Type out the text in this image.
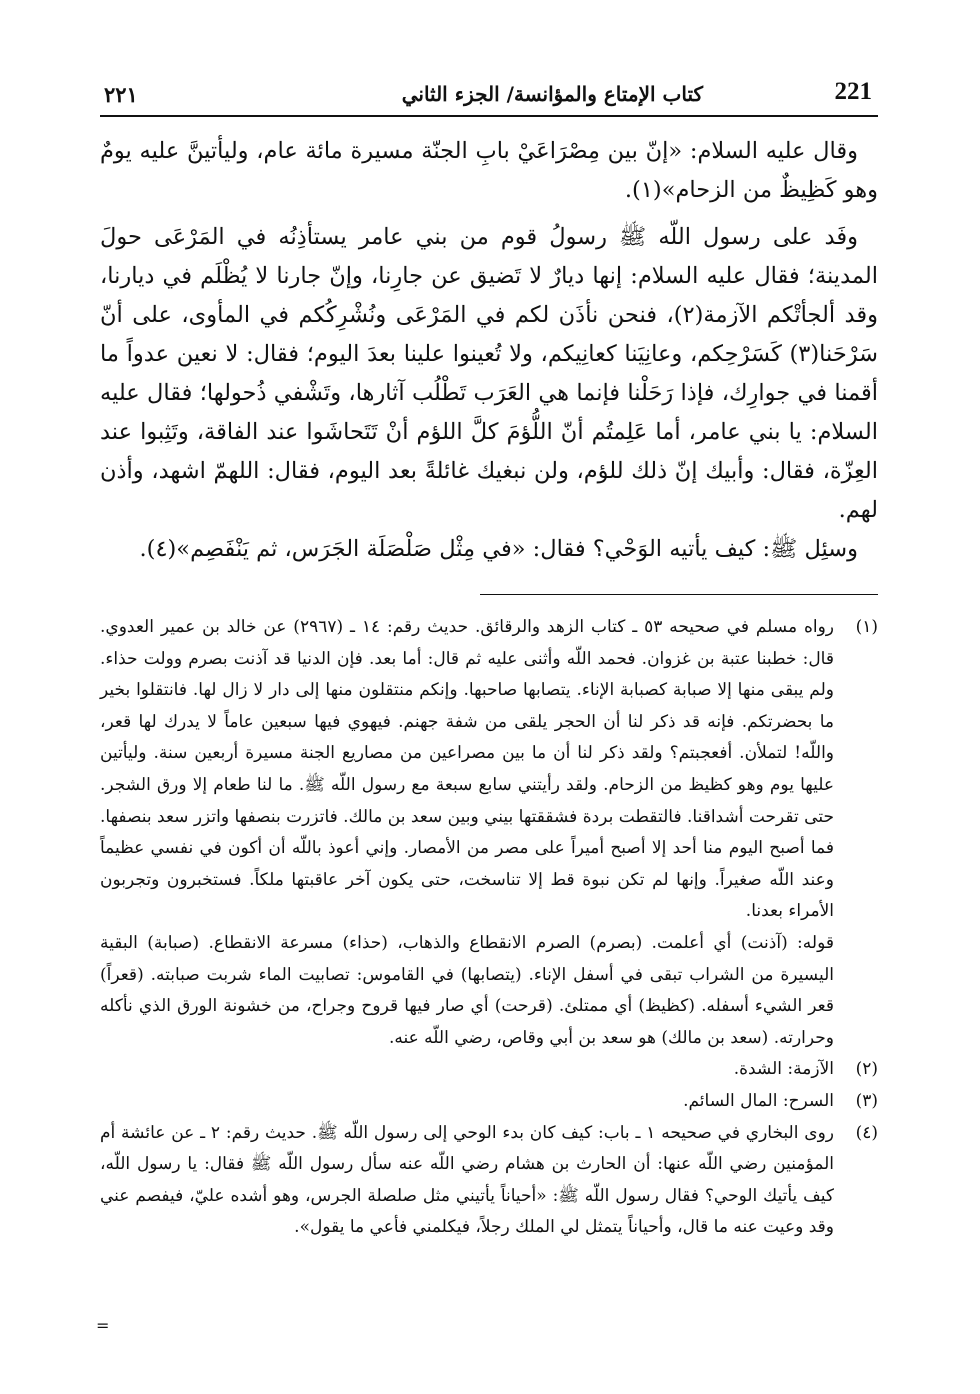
221
كتاب الإمتاع والمؤانسة/ الجزء الثاني
٢٢١

وقال عليه السلام: «إنّ بين مِصْرَاعَيْ بابِ الجنّة مسيرة مائة عام، وليأتينَّ عليه يومٌ وهو كَظِيظٌ من الزحام»(١).

وفَد على رسول اللّه ﷺ رسولُ قوم من بني عامر يستأذِنُه في المَرْعَى حولَ المدينة؛ فقال عليه السلام: إنها ديارٌ لا تَضيق عن جارِنا، وإنّ جارنا لا يُظْلَم في ديارنا، وقد ألجأتْكم الآزمة(٢)، فنحن نأذَن لكم في المَرْعَى ونُشْرِكُكم في المأوى، على أنّ سَرْحَنا(٣) كَسَرْحِكم، وعانِيَنا كعانِيكم، ولا تُعينوا علينا بعدَ اليوم؛ فقال: لا نعين عدواً ما أقمنا في جوارِك، فإذا رَحَلْنا فإنما هي العَرَب تَطْلُب آثارها، وتَشْفي ذُحولها؛ فقال عليه السلام: يا بني عامر، أما عَلِمتُم أنّ اللُّؤمَ كلَّ اللؤم أنْ تَتَحاشَوا عند الفاقة، وتَثِبوا عند العِزّة، فقال: وأبيك إنّ ذلك للؤم، ولن نبغيك غائلةً بعد اليوم، فقال: اللهمّ اشهد، وأذن لهم.

وسئِل ﷺ: كيف يأتيه الوَحْي؟ فقال: «في مِثْل صَلْصَلَة الجَرَس، ثم يَنْفَصِم»(٤).

(١)

رواه مسلم في صحيحه ٥٣ ـ كتاب الزهد والرقائق. حديث رقم: ١٤ ـ (٢٩٦٧) عن خالد بن عمير العدوي. قال: خطبنا عتبة بن غزوان. فحمد اللّه وأثنى عليه ثم قال: أما بعد. فإن الدنيا قد آذنت بصرم وولت حذاء. ولم يبقى منها إلا صبابة كصبابة الإناء. يتصابها صاحبها. وإنكم منتقلون منها إلى دار لا زال لها. فانتقلوا بخير ما بحضرتكم. فإنه قد ذكر لنا أن الحجر يلقى من شفة جهنم. فيهوي فيها سبعين عاماً لا يدرك لها قعر، واللّه! لتملأن. أفعجبتم؟ ولقد ذكر لنا أن ما بين مصراعين من مصاريع الجنة مسيرة أربعين سنة. وليأتين عليها يوم وهو كظيظ من الزحام. ولقد رأيتني سابع سبعة مع رسول اللّه ﷺ. ما لنا طعام إلا ورق الشجر. حتى تقرحت أشداقنا. فالتقطت بردة فشققتها بيني وبين سعد بن مالك. فاتزرت بنصفها واتزر سعد بنصفها. فما أصبح اليوم منا أحد إلا أصبح أميراً على مصر من الأمصار. وإني أعوذ باللّه أن أكون في نفسي عظيماً وعند اللّه صغيراً. وإنها لم تكن نبوة قط إلا تناسخت، حتى يكون آخر عاقبتها ملكاً. فستخبرون وتجربون الأمراء بعدنا.

قوله: (آذنت) أي أعلمت. (بصرم) الصرم الانقطاع والذهاب، (حذاء) مسرعة الانقطاع. (صبابة) البقية اليسيرة من الشراب تبقى في أسفل الإناء. (يتصابها) في القاموس: تصابيت الماء شربت صبابته. (قعراً) قعر الشيء أسفله. (كظيظ) أي ممتلئ. (قرحت) أي صار فيها قروح وجراح، من خشونة الورق الذي نأكله وحرارته. (سعد بن مالك) هو سعد بن أبي وقاص، رضي اللّه عنه.

(٢)

الآزمة: الشدة.

(٣)

السرح: المال السائم.

(٤)

روى البخاري في صحيحه ١ ـ باب: كيف كان بدء الوحي إلى رسول اللّه ﷺ. حديث رقم: ٢ ـ عن عائشة أم المؤمنين رضي اللّه عنها: أن الحارث بن هشام رضي اللّه عنه سأل رسول اللّه ﷺ فقال: يا رسول اللّه، كيف يأتيك الوحي؟ فقال رسول اللّه ﷺ: «أحياناً يأتيني مثل صلصلة الجرس، وهو أشده عليّ، فيفصم عني وقد وعيت عنه ما قال، وأحياناً يتمثل لي الملك رجلاً، فيكلمني فأعي ما يقول».

=
